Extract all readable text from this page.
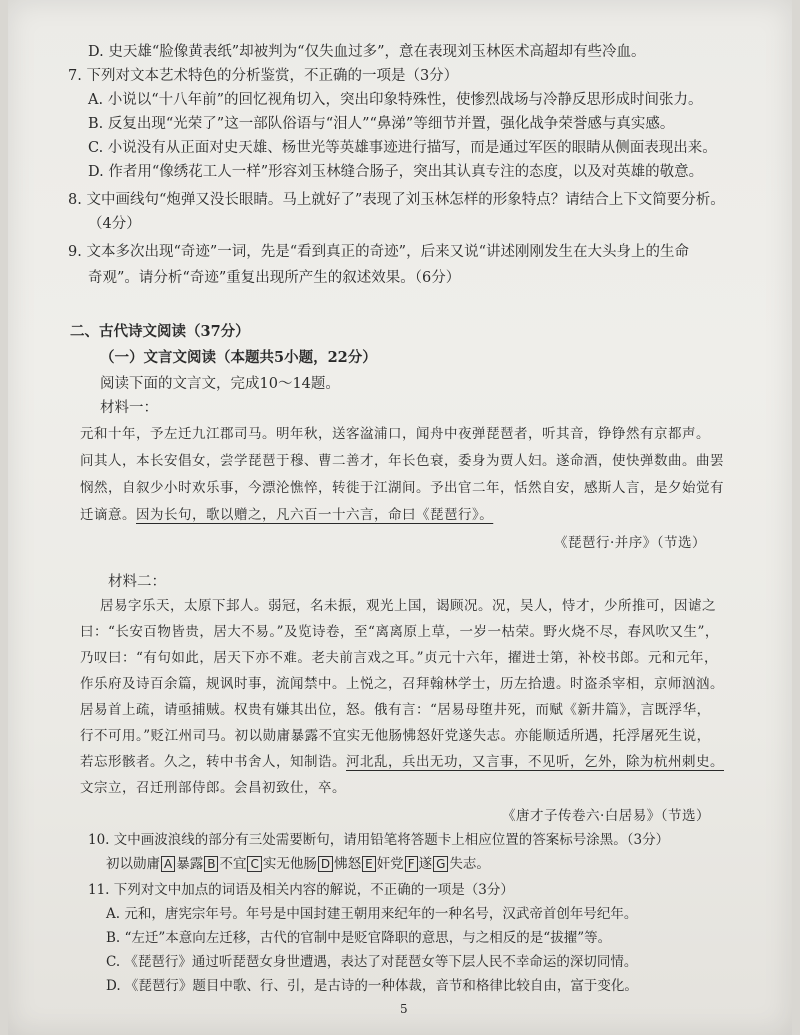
D. 史天雄“脸像黄表纸”却被判为“仅失血过多”，意在表现刘玉林医术高超却有些冷血。
7. 下列对文本艺术特色的分析鉴赏，不正确的一项是（3分）
A. 小说以“十八年前”的回忆视角切入，突出印象特殊性，使惨烈战场与冷静反思形成时间张力。
B. 反复出现“光荣了”这一部队俗语与“泪人”“鼻涕”等细节并置，强化战争荣誉感与真实感。
C. 小说没有从正面对史天雄、杨世光等英雄事迹进行描写，而是通过军医的眼睛从侧面表现出来。
D. 作者用“像绣花工人一样”形容刘玉林缝合肠子，突出其认真专注的态度，以及对英雄的敬意。
8. 文中画线句“炮弹又没长眼睛。马上就好了”表现了刘玉林怎样的形象特点？请结合上下文简要分析。
（4分）
9. 文本多次出现“奇迹”一词，先是“看到真正的奇迹”，后来又说“讲述刚刚发生在大头身上的生命
奇观”。请分析“奇迹”重复出现所产生的叙述效果。（6分）
二、古代诗文阅读（37分）
（一）文言文阅读（本题共5小题，22分）
阅读下面的文言文，完成10～14题。
材料一：
元和十年，予左迁九江郡司马。明年秋，送客湓浦口，闻舟中夜弹琵琶者，听其音，铮铮然有京都声。
问其人，本长安倡女，尝学琵琶于穆、曹二善才，年长色衰，委身为贾人妇。遂命酒，使快弹数曲。曲罢
悯然，自叙少小时欢乐事，今漂沦憔悴，转徙于江湖间。予出官二年，恬然自安，感斯人言，是夕始觉有
迁谪意。因为长句，歌以赠之，凡六百一十六言，命曰《琵琶行》。
《琵琶行·并序》（节选）
材料二：
居易字乐天，太原下邽人。弱冠，名未振，观光上国，谒顾况。况，吴人，恃才，少所推可，因谑之
曰：“长安百物皆贵，居大不易。”及览诗卷，至“离离原上草，一岁一枯荣。野火烧不尽，春风吹又生”，
乃叹曰：“有句如此，居天下亦不难。老夫前言戏之耳。”贞元十六年，擢进士第，补校书郎。元和元年，
作乐府及诗百余篇，规讽时事，流闻禁中。上悦之，召拜翰林学士，历左拾遗。时盗杀宰相，京师汹汹。
居易首上疏，请亟捕贼。权贵有嫌其出位，怒。俄有言：“居易母堕井死，而赋《新井篇》，言既浮华，
行不可用。”贬江州司马。初以勋庸暴露不宜实无他肠怫怒奸党遂失志。亦能顺适所遇，托浮屠死生说，
若忘形骸者。久之，转中书舍人，知制诰。河北乱，兵出无功，又言事，不见听，乞外，除为杭州刺史。
文宗立，召迁刑部侍郎。会昌初致仕，卒。
《唐才子传卷六·白居易》（节选）
10. 文中画波浪线的部分有三处需要断句，请用铅笔将答题卡上相应位置的答案标号涂黑。（3分）
初以勋庸 A 暴露 B 不宜 C 实无他肠 D 怫怒 E 奸党 F 遂 G 失志。
11. 下列对文中加点的词语及相关内容的解说，不正确的一项是（3分）
A. 元和，唐宪宗年号。年号是中国封建王朝用来纪年的一种名号，汉武帝首创年号纪年。
B. “左迁”本意向左迁移，古代的官制中是贬官降职的意思，与之相反的是“拔擢”等。
C. 《琵琶行》通过听琵琶女身世遭遇，表达了对琵琶女等下层人民不幸命运的深切同情。
D. 《琵琶行》题目中歌、行、引，是古诗的一种体裁，音节和格律比较自由，富于变化。
5
